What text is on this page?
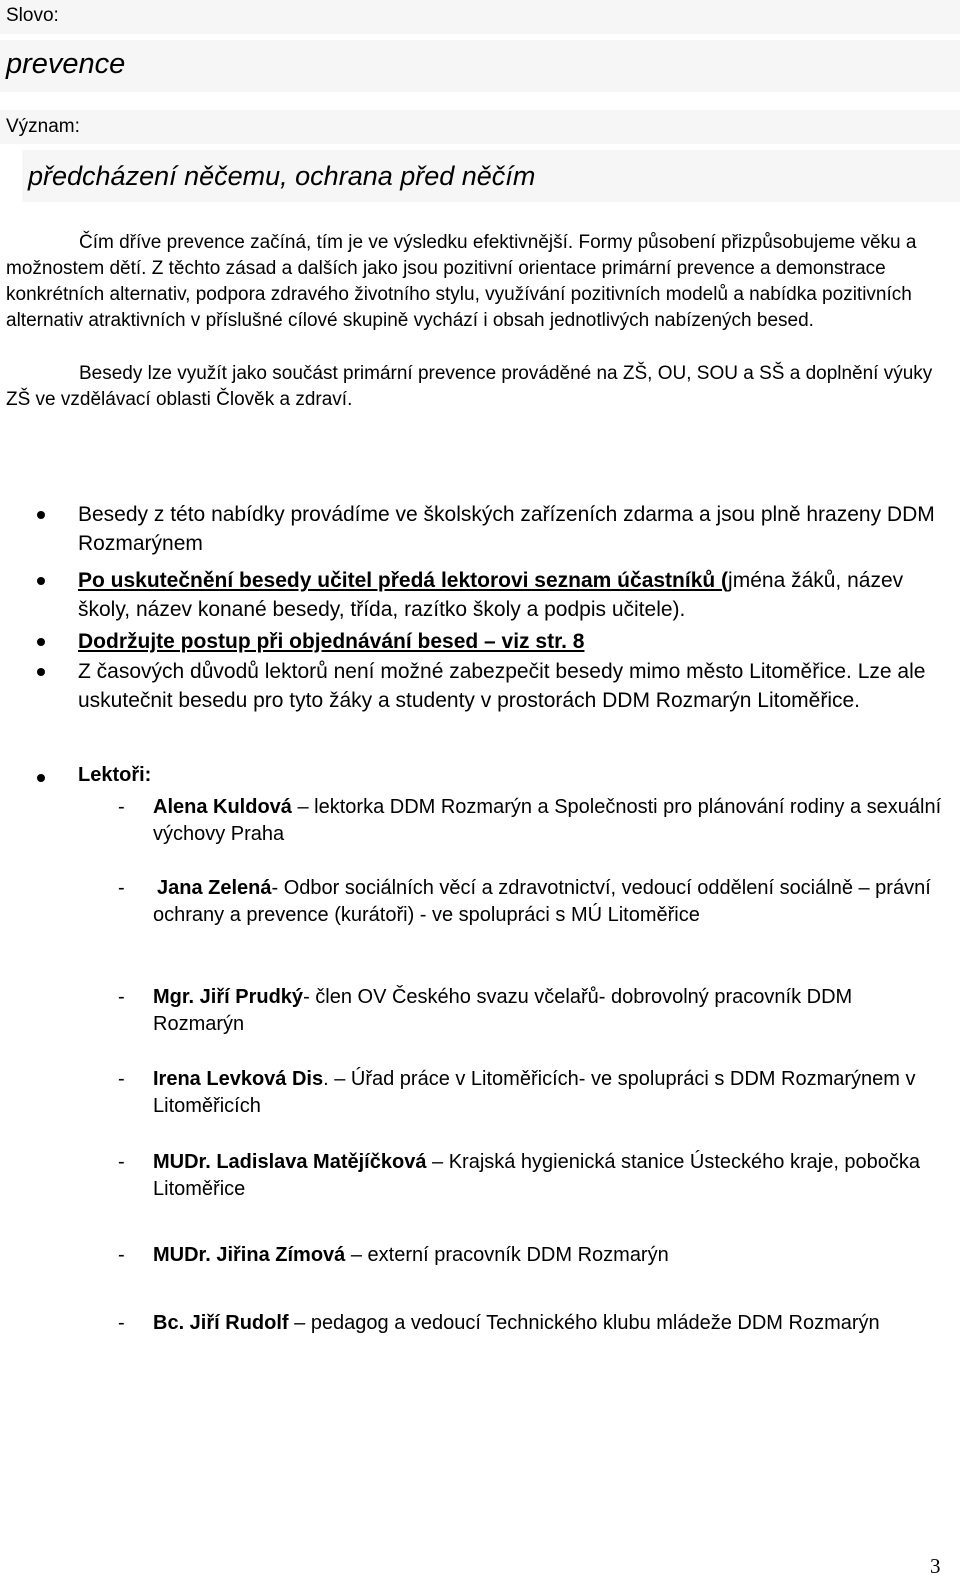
Slovo:
prevence
Význam:
předcházení něčemu, ochrana před něčím

Čím dříve prevence začíná, tím je ve výsledku efektivnější. Formy působení přizpůsobujeme věku a možnostem dětí. Z těchto zásad a dalších jako jsou pozitivní orientace primární prevence a demonstrace konkrétních alternativ, podpora zdravého životního stylu, využívání pozitivních modelů a nabídka pozitivních alternativ atraktivních v příslušné cílové skupině vychází i obsah jednotlivých nabízených besed.

Besedy lze využít jako součást primární prevence prováděné na ZŠ, OU, SOU a SŠ a doplnění výuky ZŠ ve vzdělávací oblasti Člověk a zdraví.

Besedy z této nabídky provádíme ve školských zařízeních zdarma a jsou plně hrazeny DDM Rozmarýnem
Po uskutečnění besedy učitel předá lektorovi seznam účastníků (jména žáků, název školy, název konané besedy, třída, razítko školy a podpis učitele).
Dodržujte postup při objednávání besed – viz str. 8
Z časových důvodů lektorů není možné zabezpečit besedy mimo město Litoměřice. Lze ale uskutečnit besedu pro tyto žáky a studenty v prostorách DDM Rozmarýn Litoměřice.
Lektoři:
- Alena Kuldová – lektorka DDM Rozmarýn a Společnosti pro plánování rodiny a sexuální výchovy Praha
- Jana Zelená- Odbor sociálních věcí a zdravotnictví, vedoucí oddělení sociálně – právní ochrany a prevence (kurátoři) - ve spolupráci s MÚ Litoměřice
- Mgr. Jiří Prudký- člen OV Českého svazu včelařů- dobrovolný pracovník DDM Rozmarýn
- Irena Levková Dis. – Úřad práce v Litoměřicích- ve spolupráci s DDM Rozmarýnem v Litoměřicích
- MUDr. Ladislava Matějíčková – Krajská hygienická stanice Ústeckého kraje, pobočka Litoměřice
- MUDr. Jiřina Zímová – externí pracovník DDM Rozmarýn
- Bc. Jiří Rudolf – pedagog a vedoucí Technického klubu mládeže DDM Rozmarýn
3
